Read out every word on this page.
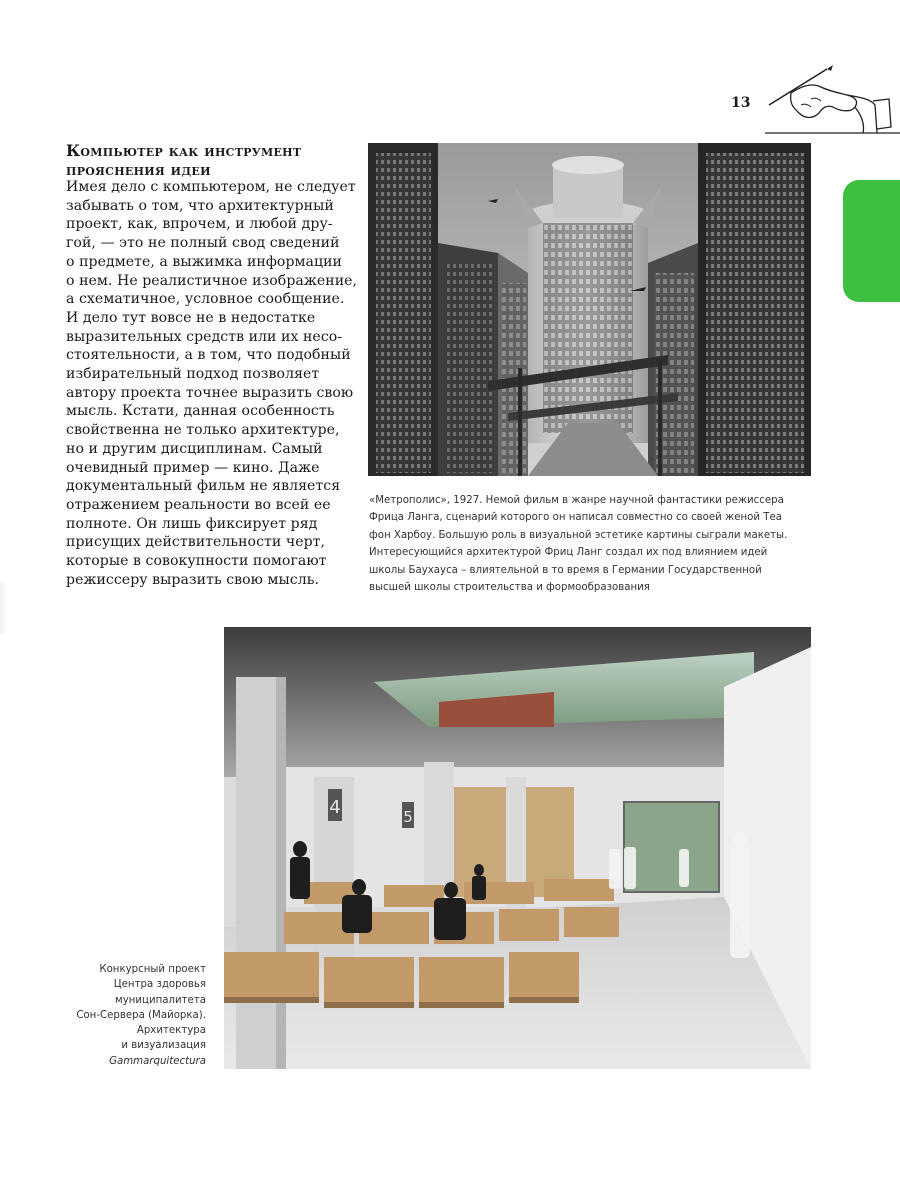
13
Компьютер как инструмент
прояснения идеи

Имея дело с компьютером, не следует
забывать о том, что архитектурный
проект, как, впрочем, и любой дру-
гой, — это не полный свод сведений
о предмете, а выжимка информации
о нем. Не реалистичное изображение,
а схематичное, условное сообщение.
И дело тут вовсе не в недостатке
выразительных средств или их несо-
стоятельности, а в том, что подобный
избирательный подход позволяет
автору проекта точнее выразить свою
мысль. Кстати, данная особенность
свойственна не только архитектуре,
но и другим дисциплинам. Самый
очевидный пример — кино. Даже
документальный фильм не является
отражением реальности во всей ее
полноте. Он лишь фиксирует ряд
присущих действительности черт,
которые в совокупности помогают
режиссеру выразить свою мысль.

«Метрополис», 1927. Немой фильм в жанре научной фантастики режиссера
Фрица Ланга, сценарий которого он написал совместно со своей женой Теа
фон Харбоу. Большую роль в визуальной эстетике картины сыграли макеты.
Интересующийся архитектурой Фриц Ланг создал их под влиянием идей
школы Баухауса – влиятельной в то время в Германии Государственной
высшей школы строительства и формообразования

4	5

Конкурсный проект
Центра здоровья
муниципалитета
Сон-Сервера (Майорка).
Архитектура
и визуализация
Gammarquitectura
